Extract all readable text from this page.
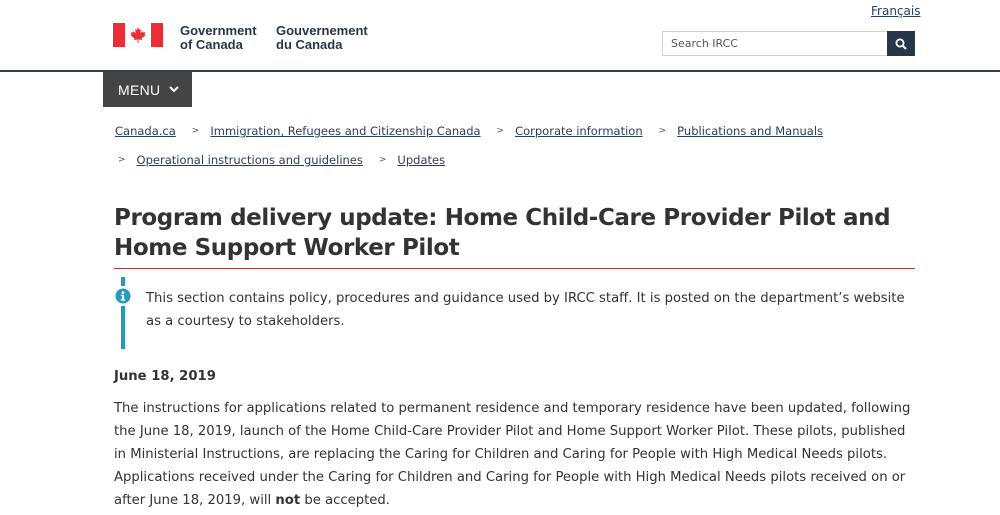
Français
Government
of Canada
Gouvernement
du Canada	Search IRCC
MENU
Canada.ca > Immigration, Refugees and Citizenship Canada > Corporate information > Publications and Manuals
> Operational instructions and guidelines > Updates
Program delivery update: Home Child-Care Provider Pilot and
Home Support Worker Pilot

This section contains policy, procedures and guidance used by IRCC staff. It is posted on the department’s website as a courtesy to stakeholders.

June 18, 2019

The instructions for applications related to permanent residence and temporary residence have been updated, following the June 18, 2019, launch of the Home Child-Care Provider Pilot and Home Support Worker Pilot. These pilots, published in Ministerial Instructions, are replacing the Caring for Children and Caring for People with High Medical Needs pilots. Applications received under the Caring for Children and Caring for People with High Medical Needs pilots received on or after June 18, 2019, will not be accepted.
